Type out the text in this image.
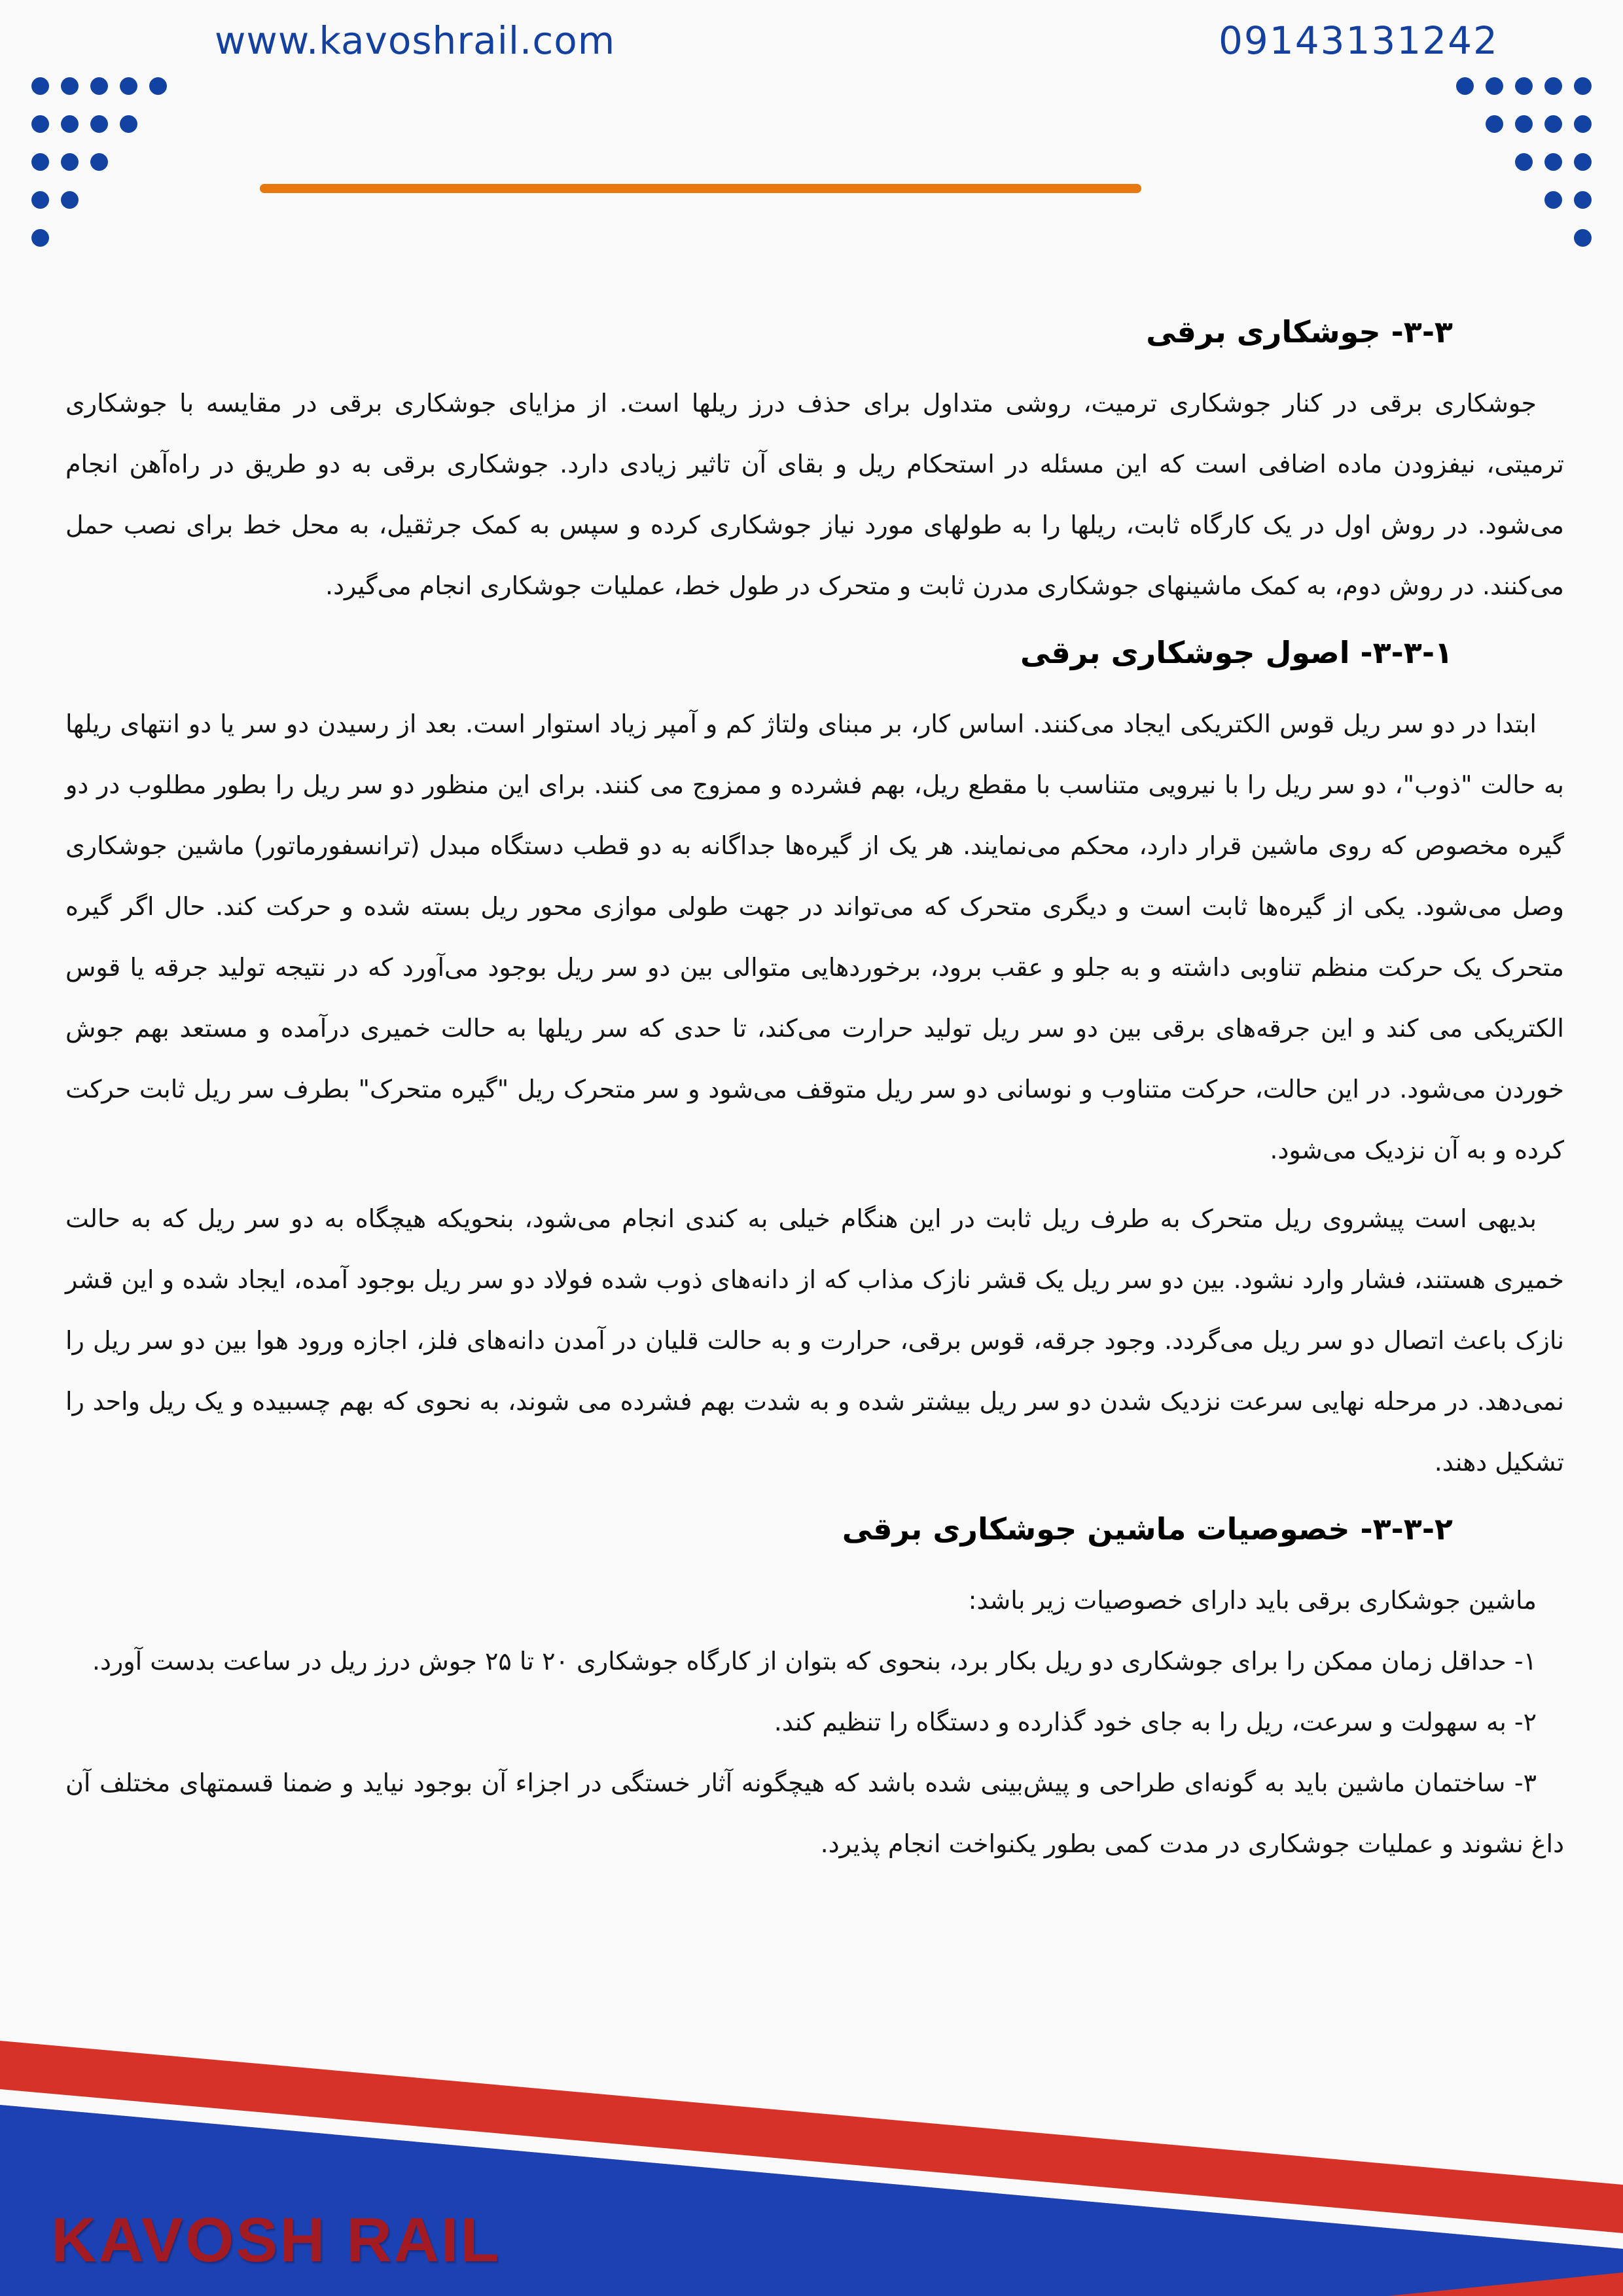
www.kavoshrail.com	09143131242
۳-۳- جوشکاری برقی

جوشکاری برقی در کنار جوشکاری ترمیت، روشی متداول برای حذف درز ریلها است. از مزایای جوشکاری برقی در مقایسه با جوشکاری ترمیتی، نیفزودن ماده اضافی است که این مسئله در استحکام ریل و بقای آن تاثیر زیادی دارد. جوشکاری برقی به دو طریق در راه‌آهن انجام می‌شود. در روش اول در یک کارگاه ثابت، ریلها را به طولهای مورد نیاز جوشکاری کرده و سپس به کمک جرثقیل، به محل خط برای نصب حمل می‌کنند. در روش دوم، به کمک ماشینهای جوشکاری مدرن ثابت و متحرک در طول خط، عملیات جوشکاری انجام می‌گیرد.

۳-۳-۱- اصول جوشکاری برقی

ابتدا در دو سر ریل قوس الکتریکی ایجاد می‌کنند. اساس کار، بر مبنای ولتاژ کم و آمپر زیاد استوار است. بعد از رسیدن دو سر یا دو انتهای ریلها به حالت "ذوب"، دو سر ریل را با نیرویی متناسب با مقطع ریل، بهم فشرده و ممزوج می کنند. برای این منظور دو سر ریل را بطور مطلوب در دو گیره مخصوص که روی ماشین قرار دارد، محکم می‌نمایند. هر یک از گیره‌ها جداگانه به دو قطب دستگاه مبدل (ترانسفورماتور) ماشین جوشکاری وصل می‌شود. یکی از گیره‌ها ثابت است و دیگری متحرک که می‌تواند در جهت طولی موازی محور ریل بسته شده و حرکت کند. حال اگر گیره متحرک یک حرکت منظم تناوبی داشته و به جلو و عقب برود، برخوردهایی متوالی بین دو سر ریل بوجود می‌آورد که در نتیجه تولید جرقه یا قوس الکتریکی می کند و این جرقه‌های برقی بین دو سر ریل تولید حرارت می‌کند، تا حدی که سر ریلها به حالت خمیری درآمده و مستعد بهم جوش خوردن می‌شود. در این حالت، حرکت متناوب و نوسانی دو سر ریل متوقف می‌شود و سر متحرک ریل "گیره متحرک" بطرف سر ریل ثابت حرکت کرده و به آن نزدیک می‌شود.

بدیهی است پیشروی ریل متحرک به طرف ریل ثابت در این هنگام خیلی به کندی انجام می‌شود، بنحویکه هیچگاه به دو سر ریل که به حالت خمیری هستند، فشار وارد نشود. بین دو سر ریل یک قشر نازک مذاب که از دانه‌های ذوب شده فولاد دو سر ریل بوجود آمده، ایجاد شده و این قشر نازک باعث اتصال دو سر ریل می‌گردد. وجود جرقه، قوس برقی، حرارت و به حالت قلیان در آمدن دانه‌های فلز، اجازه ورود هوا بین دو سر ریل را نمی‌دهد. در مرحله نهایی سرعت نزدیک شدن دو سر ریل بیشتر شده و به شدت بهم فشرده می شوند، به نحوی که بهم چسبیده و یک ریل واحد را تشکیل دهند.

۳-۳-۲- خصوصیات ماشین جوشکاری برقی

ماشین جوشکاری برقی باید دارای خصوصیات زیر باشد:

۱- حداقل زمان ممکن را برای جوشکاری دو ریل بکار برد، بنحوی که بتوان از کارگاه جوشکاری ۲۰ تا ۲۵ جوش درز ریل در ساعت بدست آورد.

۲- به سهولت و سرعت، ریل را به جای خود گذارده و دستگاه را تنظیم کند.

۳- ساختمان ماشین باید به گونه‌ای طراحی و پیش‌بینی شده باشد که هیچگونه آثار خستگی در اجزاء آن بوجود نیاید و ضمنا قسمتهای مختلف آن داغ نشوند و عملیات جوشکاری در مدت کمی بطور یکنواخت انجام پذیرد.

KAVOSH RAIL
